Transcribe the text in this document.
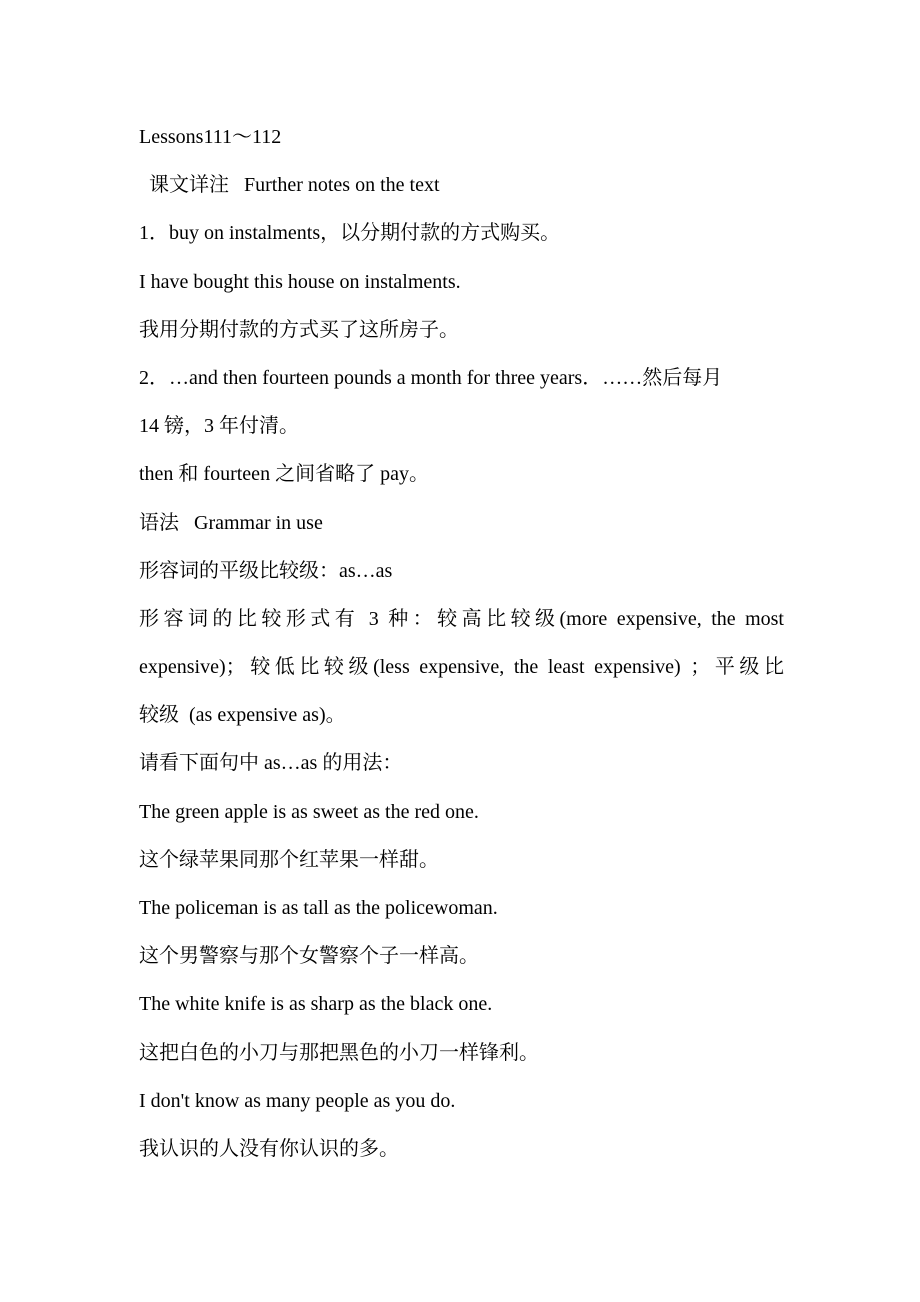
Lessons111～112
课文详注   Further notes on the text
1．buy on instalments，以分期付款的方式购买。
I have bought this house on instalments.
我用分期付款的方式买了这所房子。
2．…and then fourteen pounds a month for three years．……然后每月
14 镑，3 年付清。
then 和 fourteen 之间省略了 pay。
语法   Grammar in use
形容词的平级比较级：as…as
形容词的比较形式有 3 种：较高比较级(more expensive, the most
expensive)；较低比较级(less expensive, the least expensive) ；平级比
较级  (as expensive as)。
请看下面句中 as…as 的用法：
The green apple is as sweet as the red one.
这个绿苹果同那个红苹果一样甜。
The policeman is as tall as the policewoman.
这个男警察与那个女警察个子一样高。
The white knife is as sharp as the black one.
这把白色的小刀与那把黑色的小刀一样锋利。
I don't know as many people as you do.
我认识的人没有你认识的多。
